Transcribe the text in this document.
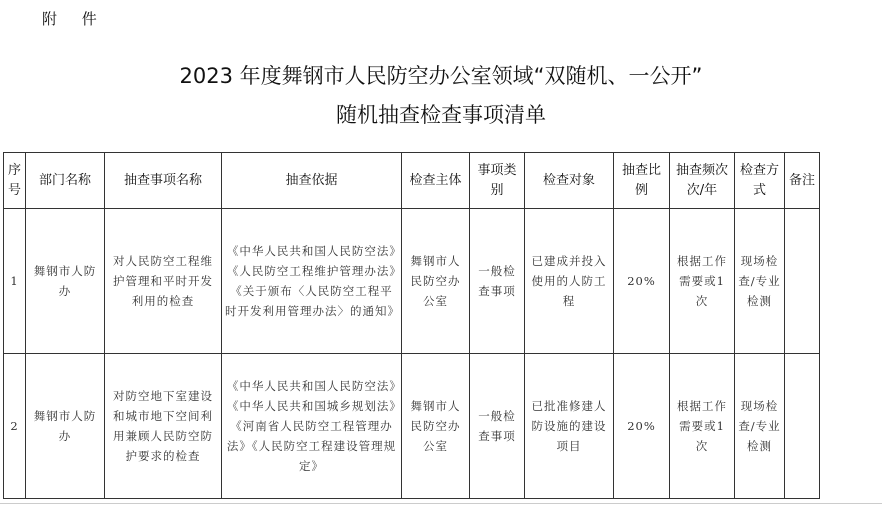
附 件
2023 年度舞钢市人民防空办公室领域“双随机、一公开”
随机抽查检查事项清单
序号	部门名称	抽查事项名称	抽查依据	检查主体	事项类别	检查对象	抽查比例	抽查频次次/年	检查方式	备注
1	舞钢市人防办	对人民防空工程维护管理和平时开发利用的检查	《中华人民共和国人民防空法》《人民防空工程维护管理办法》《关于颁布〈人民防空工程平时开发利用管理办法〉的通知》	舞钢市人民防空办公室	一般检查事项	已建成并投入使用的人防工程	20%	根据工作需要或1次	现场检查/专业检测	
2	舞钢市人防办	对防空地下室建设和城市地下空间利用兼顾人民防空防护要求的检查	《中华人民共和国人民防空法》《中华人民共和国城乡规划法》《河南省人民防空工程管理办法》《人民防空工程建设管理规定》	舞钢市人民防空办公室	一般检查事项	已批准修建人防设施的建设项目	20%	根据工作需要或1次	现场检查/专业检测	
